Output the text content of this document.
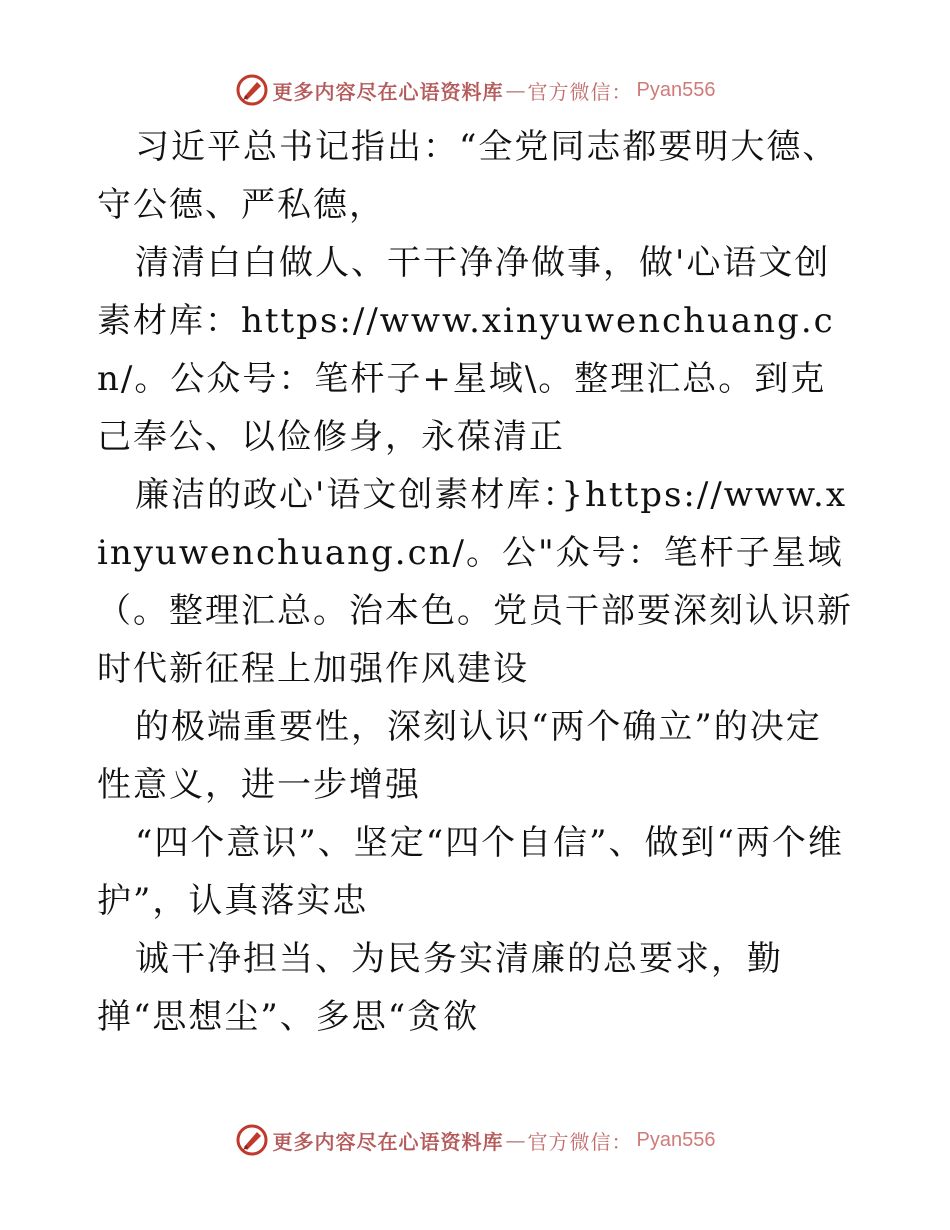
更多内容尽在心语资料库 — 官方微信： Pyan556

习近平总书记指出：“全党同志都要明大德、守公德、严私德，

清清白白做人、干干净净做事，做'心语文创素材库：https://www.xinyuwenchuang.cn/。公众号：笔杆子+星域\。整理汇总。到克己奉公、以俭修身，永葆清正

廉洁的政心'语文创素材库：}https://www.xinyuwenchuang.cn/。公"众号：笔杆子星域（。整理汇总。治本色。党员干部要深刻认识新时代新征程上加强作风建设

的极端重要性，深刻认识“两个确立”的决定性意义，进一步增强

“四个意识”、坚定“四个自信”、做到“两个维护”，认真落实忠

诚干净担当、为民务实清廉的总要求，勤掸“思想尘”、多思“贪欲

更多内容尽在心语资料库 — 官方微信： Pyan556
